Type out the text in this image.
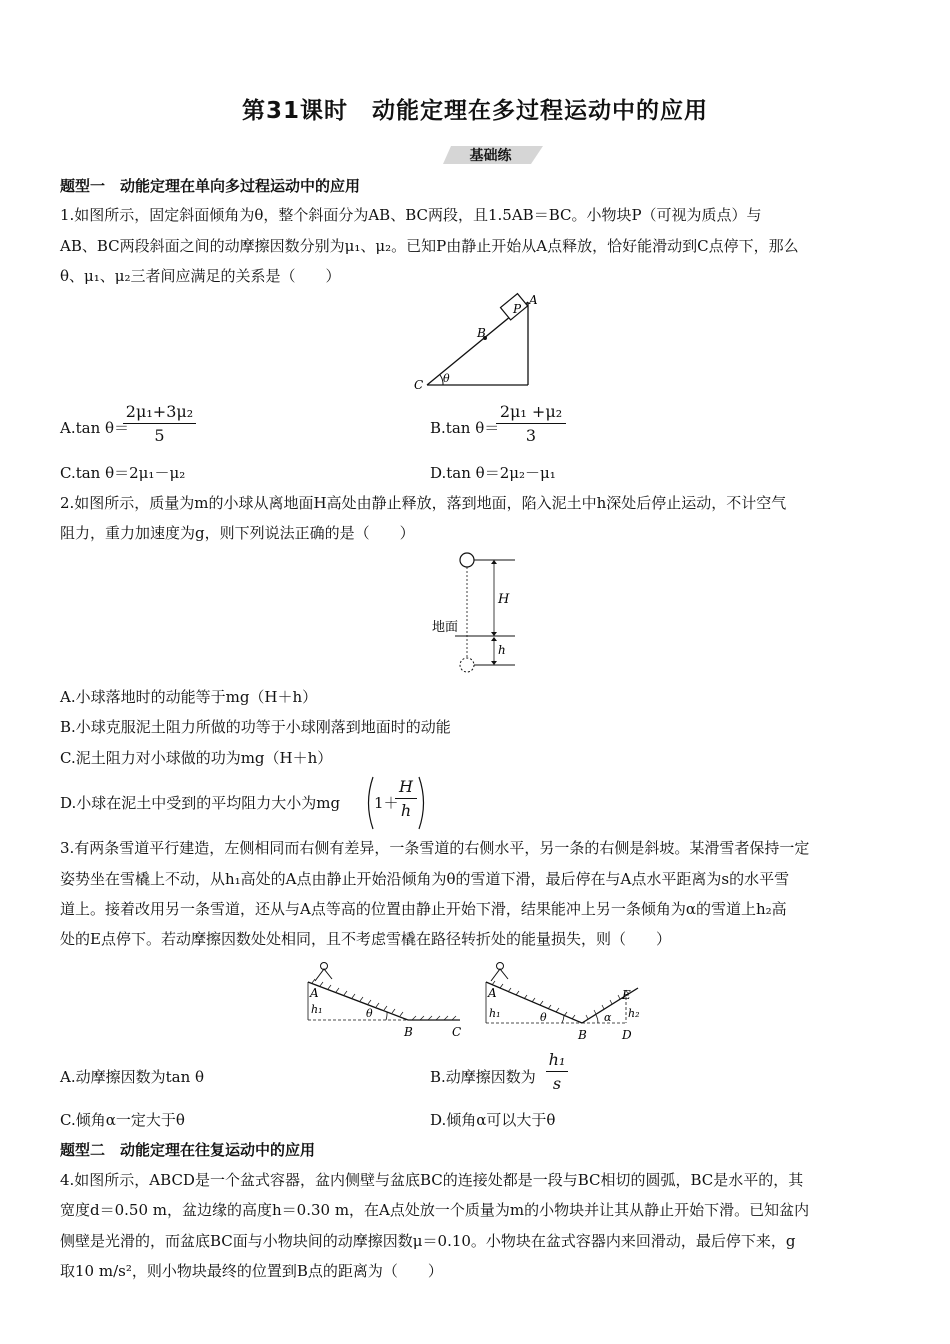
第31课时　动能定理在多过程运动中的应用
基础练
题型一　动能定理在单向多过程运动中的应用
1.如图所示，固定斜面倾角为θ，整个斜面分为AB、BC两段，且1.5AB＝BC。小物块P（可视为质点）与
AB、BC两段斜面之间的动摩擦因数分别为μ₁、μ₂。已知P由静止开始从A点释放，恰好能滑动到C点停下，那么
θ、μ₁、μ₂三者间应满足的关系是（　　）
P
A
B
C θ
A.tan θ＝
2μ₁+3μ₂
5	B.tan θ＝
2μ₁ +μ₂
3
C.tan θ＝2μ₁－μ₂	D.tan θ＝2μ₂－μ₁
2.如图所示，质量为m的小球从离地面H高处由静止释放，落到地面，陷入泥土中h深处后停止运动，不计空气
阻力，重力加速度为g，则下列说法正确的是（　　）
H
h
地面
A.小球落地时的动能等于mg（H＋h）
B.小球克服泥土阻力所做的功等于小球刚落到地面时的动能
C.泥土阻力对小球做的功为mg（H＋h）
D.小球在泥土中受到的平均阻力大小为mg 1＋
H
h
3.有两条雪道平行建造，左侧相同而右侧有差异，一条雪道的右侧水平，另一条的右侧是斜坡。某滑雪者保持一定
姿势坐在雪橇上不动，从h₁高处的A点由静止开始沿倾角为θ的雪道下滑，最后停在与A点水平距离为s的水平雪
道上。接着改用另一条雪道，还从与A点等高的位置由静止开始下滑，结果能冲上另一条倾角为α的雪道上h₂高
处的E点停下。若动摩擦因数处处相同，且不考虑雪橇在路径转折处的能量损失，则（　　）
A
h₁	θ
B	C
A
h₁	θ
B
E
α h₂
D
A.动摩擦因数为tan θ	B.动摩擦因数为
h₁
s
C.倾角α一定大于θ	D.倾角α可以大于θ
题型二　动能定理在往复运动中的应用
4.如图所示，ABCD是一个盆式容器，盆内侧壁与盆底BC的连接处都是一段与BC相切的圆弧，BC是水平的，其
宽度d＝0.50 m，盆边缘的高度h＝0.30 m，在A点处放一个质量为m的小物块并让其从静止开始下滑。已知盆内
侧壁是光滑的，而盆底BC面与小物块间的动摩擦因数μ＝0.10。小物块在盆式容器内来回滑动，最后停下来，g
取10 m/s²，则小物块最终的位置到B点的距离为（　　）
